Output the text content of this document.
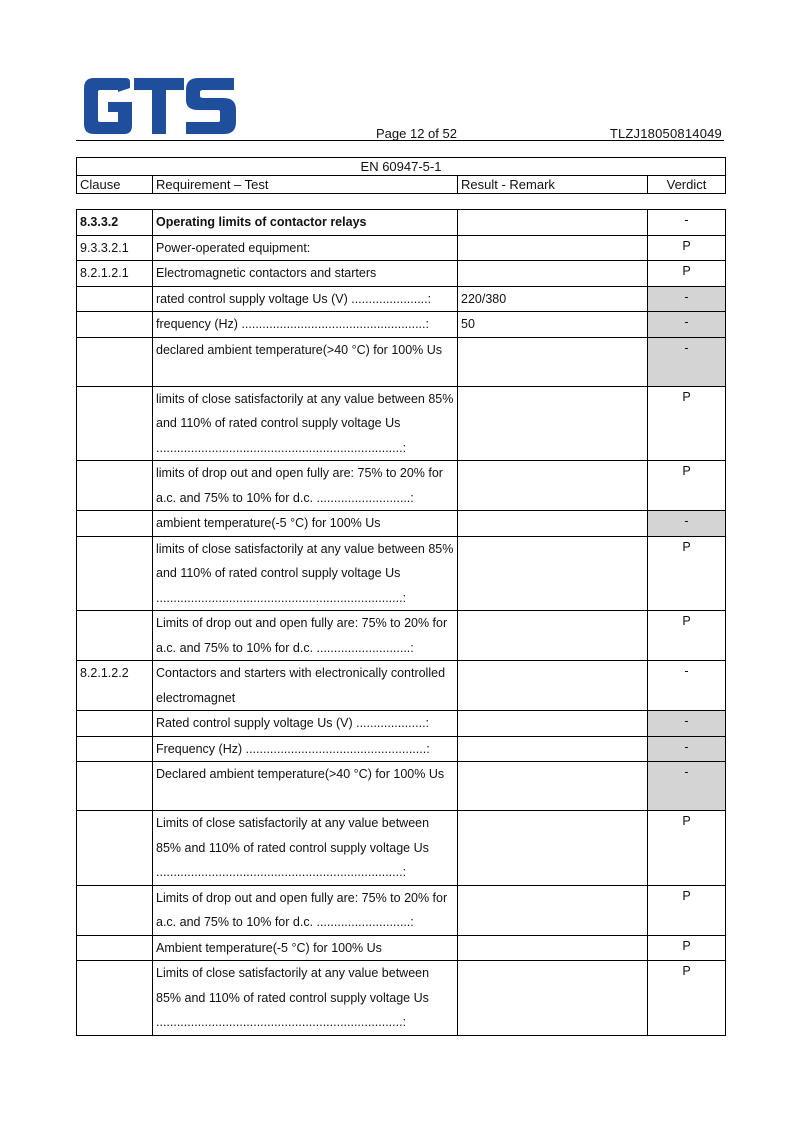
Page 12 of 52	TLZJ18050814049
EN 60947-5-1
Clause	Requirement – Test	Result - Remark	Verdict
8.3.3.2	Operating limits of contactor relays		-
9.3.3.2.1	Power-operated equipment:		P
8.2.1.2.1	Electromagnetic contactors and starters		P
	rated control supply voltage Us (V) ......................:	220/380	-
	frequency (Hz) .....................................................:	50	-
	declared ambient temperature(>40 °C) for 100% Us		-
	limits of close satisfactorily at any value between 85% and 110% of rated control supply voltage Us .......................................................................:		P
	limits of drop out and open fully are: 75% to 20% for a.c. and 75% to 10% for d.c. ...........................:		P
	ambient temperature(-5 °C) for 100% Us		-
	limits of close satisfactorily at any value between 85% and 110% of rated control supply voltage Us .......................................................................:		P
	Limits of drop out and open fully are: 75% to 20% for a.c. and 75% to 10% for d.c. ...........................:		P
8.2.1.2.2	Contactors and starters with electronically controlled electromagnet		-
	Rated control supply voltage Us (V) ....................:		-
	Frequency (Hz) ....................................................:		-
	Declared ambient temperature(>40 °C) for 100% Us		-
	Limits of close satisfactorily at any value between 85% and 110% of rated control supply voltage Us .......................................................................:		P
	Limits of drop out and open fully are: 75% to 20% for a.c. and 75% to 10% for d.c. ...........................:		P
	Ambient temperature(-5 °C) for 100% Us		P
	Limits of close satisfactorily at any value between 85% and 110% of rated control supply voltage Us .......................................................................:		P
